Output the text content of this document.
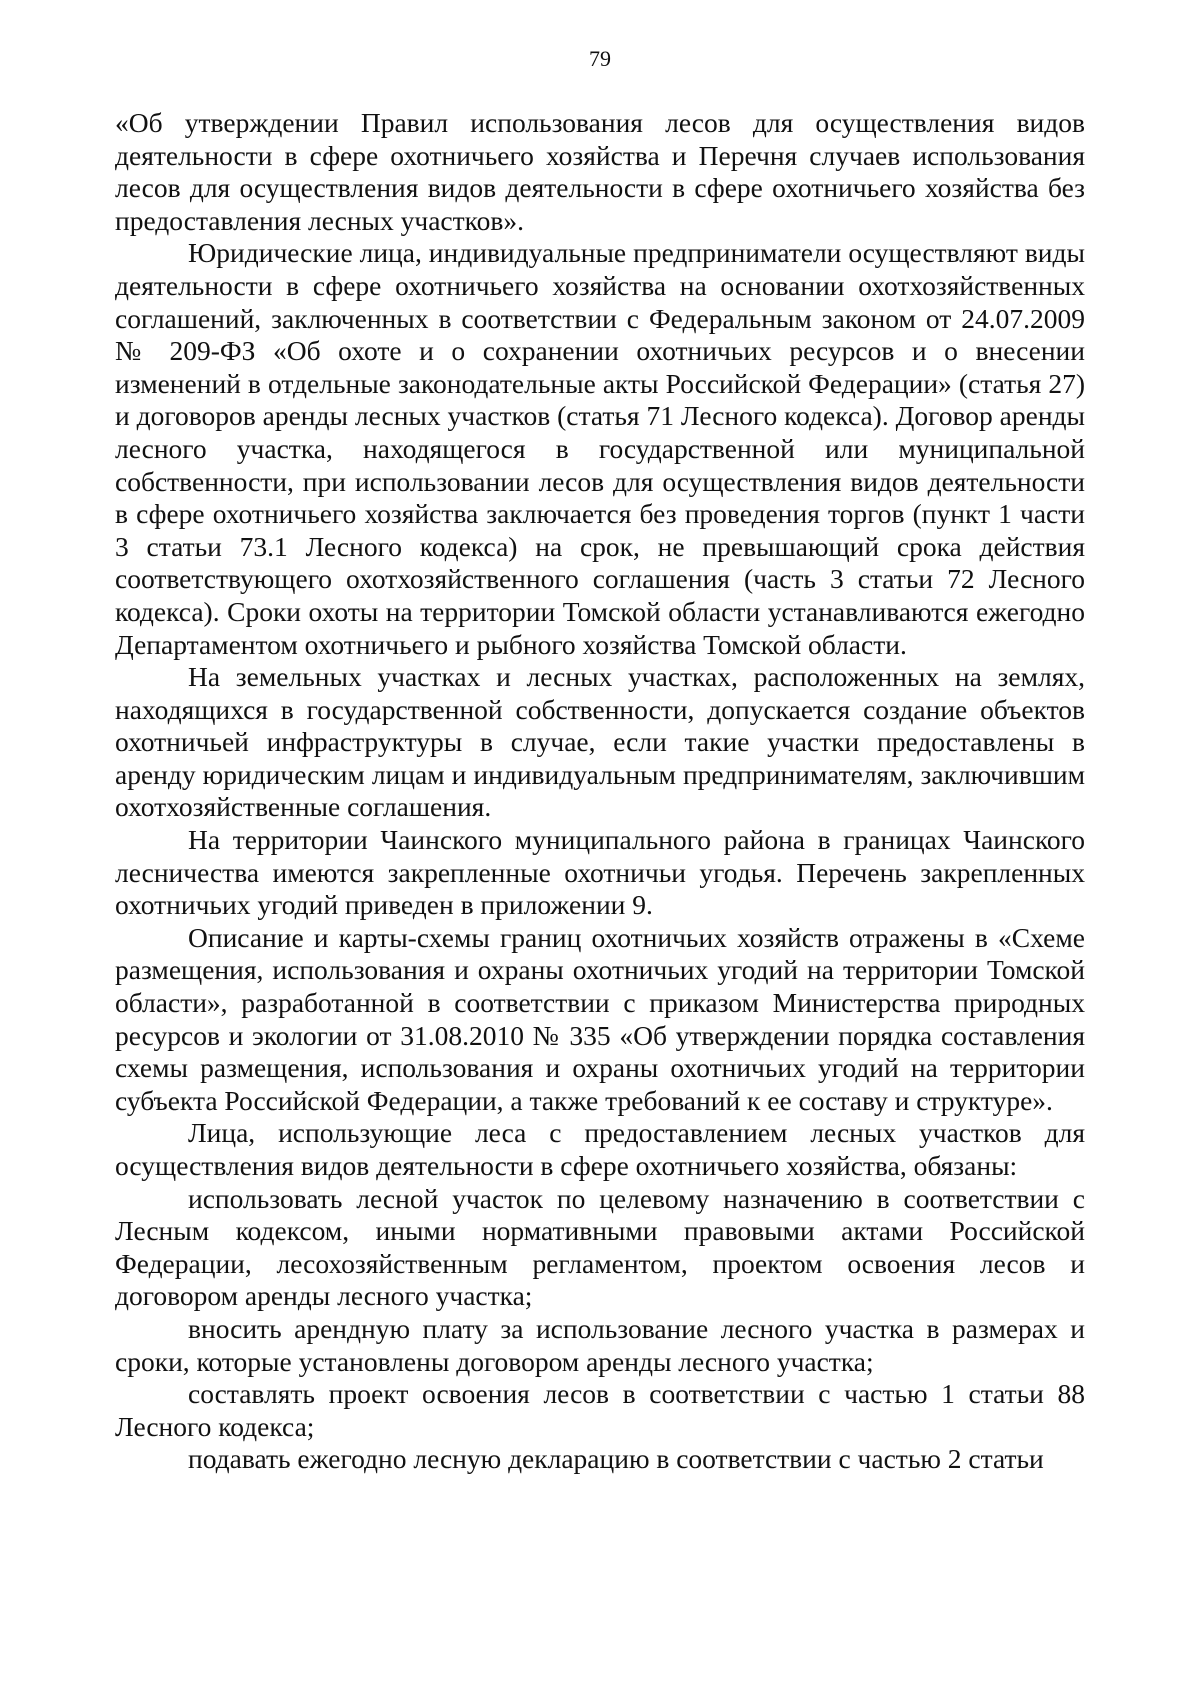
79

«Об утверждении Правил использования лесов для осуществления видов деятельности в сфере охотничьего хозяйства и Перечня случаев использования лесов для осуществления видов деятельности в сфере охотничьего хозяйства без предоставления лесных участков».

Юридические лица, индивидуальные предприниматели осуществляют виды деятельности в сфере охотничьего хозяйства на основании охотхозяйственных соглашений, заключенных в соответствии с Федеральным законом от 24.07.2009 № 209-ФЗ «Об охоте и о сохранении охотничьих ресурсов и о внесении изменений в отдельные законодательные акты Российской Федерации» (статья 27) и договоров аренды лесных участков (статья 71 Лесного кодекса). Договор аренды лесного участка, находящегося в государственной или муниципальной собственности, при использовании лесов для осуществления видов деятельности в сфере охотничьего хозяйства заключается без проведения торгов (пункт 1 части 3 статьи 73.1 Лесного кодекса) на срок, не превышающий срока действия соответствующего охотхозяйственного соглашения (часть 3 статьи 72 Лесного кодекса). Сроки охоты на территории Томской области устанавливаются ежегодно Департаментом охотничьего и рыбного хозяйства Томской области.

На земельных участках и лесных участках, расположенных на землях, находящихся в государственной собственности, допускается создание объектов охотничьей инфраструктуры в случае, если такие участки предоставлены в аренду юридическим лицам и индивидуальным предпринимателям, заключившим охотхозяйственные соглашения.

На территории Чаинского муниципального района в границах Чаинского лесничества имеются закрепленные охотничьи угодья. Перечень закрепленных охотничьих угодий приведен в приложении 9.

Описание и карты-схемы границ охотничьих хозяйств отражены в «Схеме размещения, использования и охраны охотничьих угодий на территории Томской области», разработанной в соответствии с приказом Министерства природных ресурсов и экологии от 31.08.2010 № 335 «Об утверждении порядка составления схемы размещения, использования и охраны охотничьих угодий на территории субъекта Российской Федерации, а также требований к ее составу и структуре».

Лица, использующие леса с предоставлением лесных участков для осуществления видов деятельности в сфере охотничьего хозяйства, обязаны:

использовать лесной участок по целевому назначению в соответствии с Лесным кодексом, иными нормативными правовыми актами Российской Федерации, лесохозяйственным регламентом, проектом освоения лесов и договором аренды лесного участка;

вносить арендную плату за использование лесного участка в размерах и сроки, которые установлены договором аренды лесного участка;

составлять проект освоения лесов в соответствии с частью 1 статьи 88 Лесного кодекса;

подавать ежегодно лесную декларацию в соответствии с частью 2 статьи
